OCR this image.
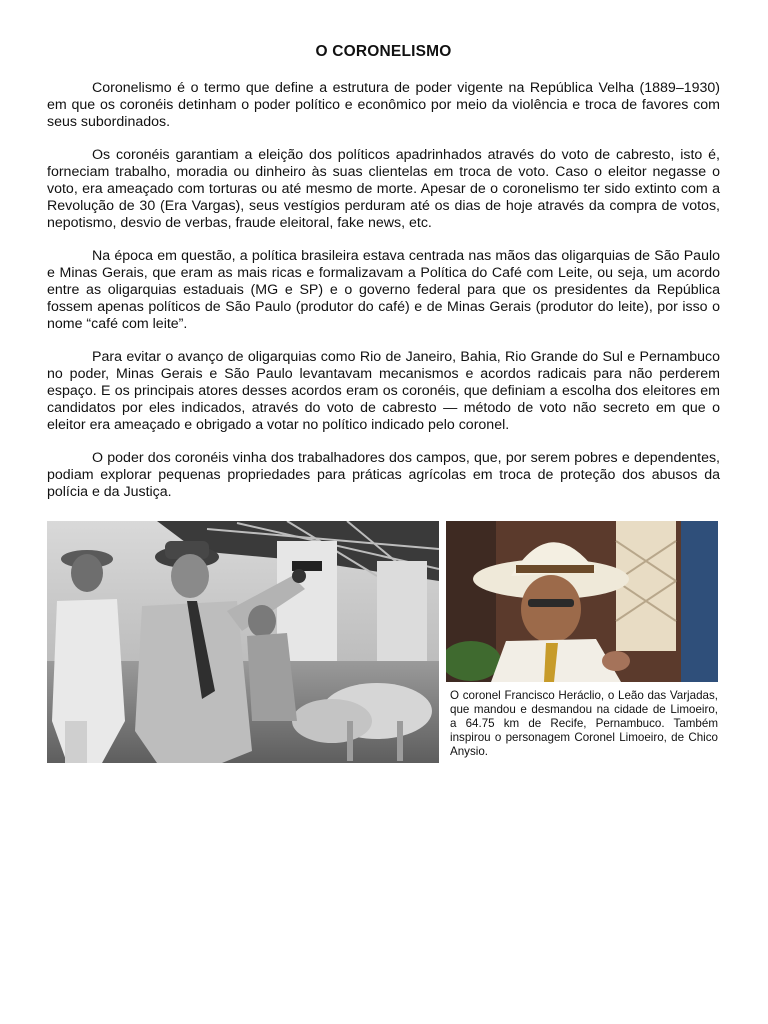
O CORONELISMO

Coronelismo é o termo que define a estrutura de poder vigente na República Velha (1889–1930) em que os coronéis detinham o poder político e econômico por meio da violência e troca de favores com seus subordinados.

Os coronéis garantiam a eleição dos políticos apadrinhados através do voto de cabresto, isto é, forneciam trabalho, moradia ou dinheiro às suas clientelas em troca de voto. Caso o eleitor negasse o voto, era ameaçado com torturas ou até mesmo de morte. Apesar de o coronelismo ter sido extinto com a Revolução de 30 (Era Vargas), seus vestígios perduram até os dias de hoje através da compra de votos, nepotismo, desvio de verbas, fraude eleitoral, fake news, etc.

Na época em questão, a política brasileira estava centrada nas mãos das oligarquias de São Paulo e Minas Gerais, que eram as mais ricas e formalizavam a Política do Café com Leite, ou seja, um acordo entre as oligarquias estaduais (MG e SP) e o governo federal para que os presidentes da República fossem apenas políticos de São Paulo (produtor do café) e de Minas Gerais (produtor do leite), por isso o nome “café com leite”.

Para evitar o avanço de oligarquias como Rio de Janeiro, Bahia, Rio Grande do Sul e Pernambuco no poder, Minas Gerais e São Paulo levantavam mecanismos e acordos radicais para não perderem espaço. E os principais atores desses acordos eram os coronéis, que definiam a escolha dos eleitores em candidatos por eles indicados, através do voto de cabresto — método de voto não secreto em que o eleitor era ameaçado e obrigado a votar no político indicado pelo coronel.

O poder dos coronéis vinha dos trabalhadores dos campos, que, por serem pobres e dependentes, podiam explorar pequenas propriedades para práticas agrícolas em troca de proteção dos abusos da polícia e da Justiça.

O coronel Francisco Heráclio, o Leão das Varjadas, que mandou e desmandou na cidade de Limoeiro, a 64.75 km de Recife, Pernambuco. Também inspirou o personagem Coronel Limoeiro, de Chico Anysio.
